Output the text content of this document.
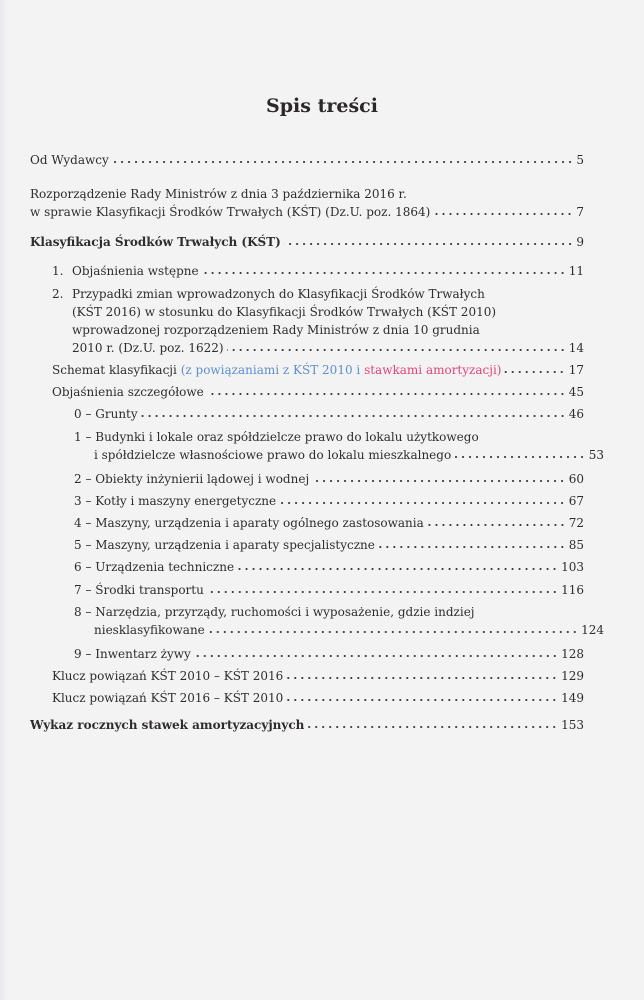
Spis treści
Od Wydawcy	5
Rozporządzenie Rady Ministrów z dnia 3 października 2016 r.
w sprawie Klasyfikacji Środków Trwałych (KŚT) (Dz.U. poz. 1864)	7
Klasyfikacja Środków Trwałych (KŚT)	9
1. Objaśnienia wstępne	11
2. Przypadki zmian wprowadzonych do Klasyfikacji Środków Trwałych
(KŚT 2016) w stosunku do Klasyfikacji Środków Trwałych (KŚT 2010)
wprowadzonej rozporządzeniem Rady Ministrów z dnia 10 grudnia
2010 r. (Dz.U. poz. 1622)	14
Schemat klasyfikacji (z powiązaniami z KŚT 2010 i stawkami amortyzacji)	17
Objaśnienia szczegółowe	45
0 – Grunty	46
1 – Budynki i lokale oraz spółdzielcze prawo do lokalu użytkowego
i spółdzielcze własnościowe prawo do lokalu mieszkalnego	53
2 – Obiekty inżynierii lądowej i wodnej	60
3 – Kotły i maszyny energetyczne	67
4 – Maszyny, urządzenia i aparaty ogólnego zastosowania	72
5 – Maszyny, urządzenia i aparaty specjalistyczne	85
6 – Urządzenia techniczne	103
7 – Środki transportu	116
8 – Narzędzia, przyrządy, ruchomości i wyposażenie, gdzie indziej
niesklasyfikowane	124
9 – Inwentarz żywy	128
Klucz powiązań KŚT 2010 – KŚT 2016	129
Klucz powiązań KŚT 2016 – KŚT 2010	149
Wykaz rocznych stawek amortyzacyjnych	153
